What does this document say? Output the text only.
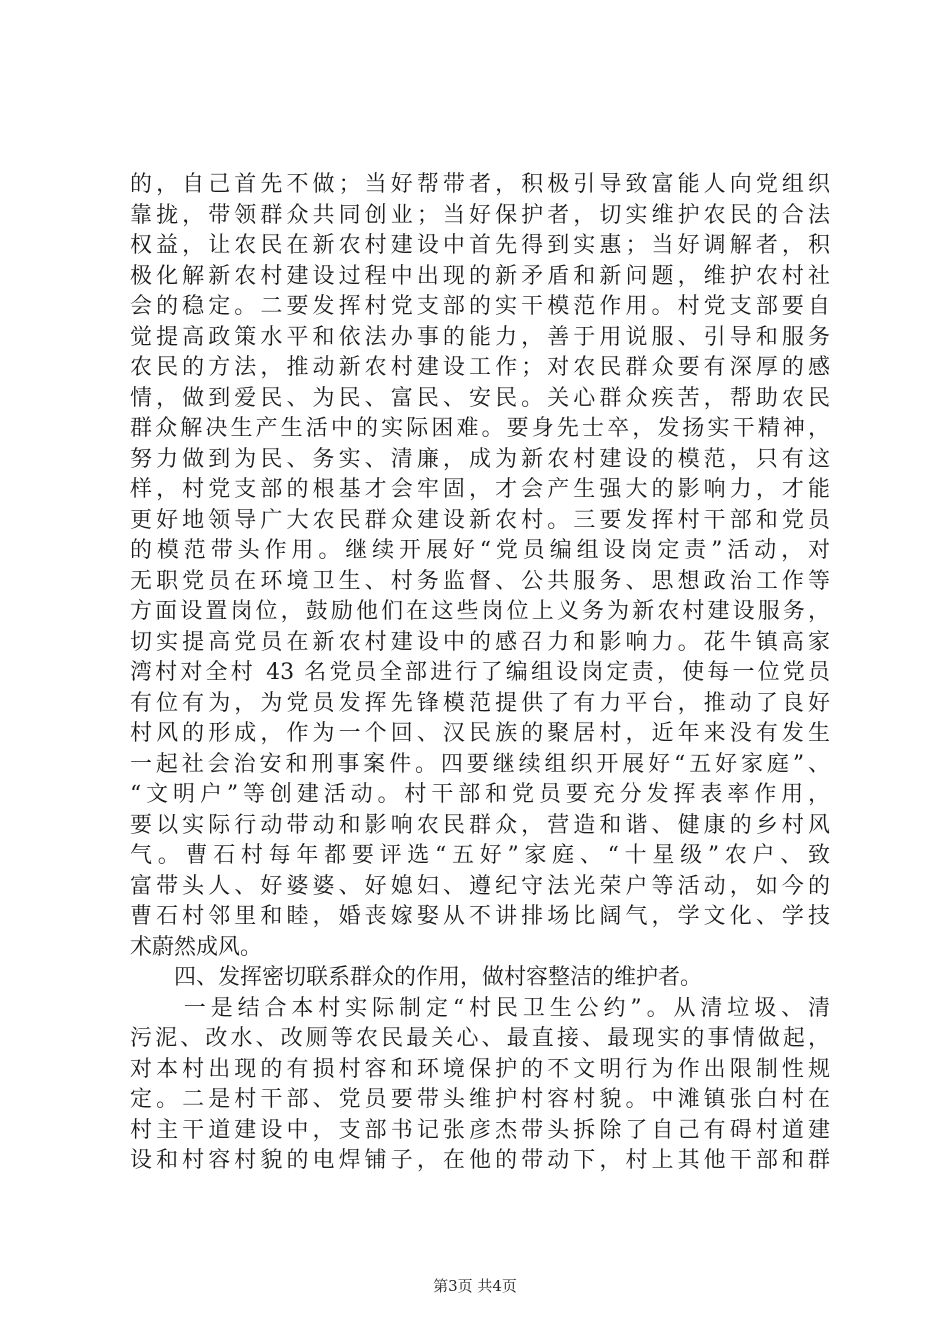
的，自己首先不做；当好帮带者，积极引导致富能人向党组织
靠拢，带领群众共同创业；当好保护者，切实维护农民的合法
权益，让农民在新农村建设中首先得到实惠；当好调解者，积
极化解新农村建设过程中出现的新矛盾和新问题，维护农村社
会的稳定。二要发挥村党支部的实干模范作用。村党支部要自
觉提高政策水平和依法办事的能力，善于用说服、引导和服务
农民的方法，推动新农村建设工作；对农民群众要有深厚的感
情，做到爱民、为民、富民、安民。关心群众疾苦，帮助农民
群众解决生产生活中的实际困难。要身先士卒，发扬实干精神，
努力做到为民、务实、清廉，成为新农村建设的模范，只有这
样，村党支部的根基才会牢固，才会产生强大的影响力，才能
更好地领导广大农民群众建设新农村。三要发挥村干部和党员
的模范带头作用。继续开展好“党员编组设岗定责”活动，对
无职党员在环境卫生、村务监督、公共服务、思想政治工作等
方面设置岗位，鼓励他们在这些岗位上义务为新农村建设服务，
切实提高党员在新农村建设中的感召力和影响力。花牛镇高家
湾村对全村 43 名党员全部进行了编组设岗定责，使每一位党员
有位有为，为党员发挥先锋模范提供了有力平台，推动了良好
村风的形成，作为一个回、汉民族的聚居村，近年来没有发生
一起社会治安和刑事案件。四要继续组织开展好“五好家庭”、
“文明户”等创建活动。村干部和党员要充分发挥表率作用，
要以实际行动带动和影响农民群众，营造和谐、健康的乡村风
气。曹石村每年都要评选“五好”家庭、“十星级”农户、致
富带头人、好婆婆、好媳妇、遵纪守法光荣户等活动，如今的
曹石村邻里和睦，婚丧嫁娶从不讲排场比阔气，学文化、学技
术蔚然成风。
　　四、发挥密切联系群众的作用，做村容整洁的维护者。
　　一是结合本村实际制定“村民卫生公约”。从清垃圾、清
污泥、改水、改厕等农民最关心、最直接、最现实的事情做起，
对本村出现的有损村容和环境保护的不文明行为作出限制性规
定。二是村干部、党员要带头维护村容村貌。中滩镇张白村在
村主干道建设中，支部书记张彦杰带头拆除了自己有碍村道建
设和村容村貌的电焊铺子，在他的带动下，村上其他干部和群
第3页 共4页
